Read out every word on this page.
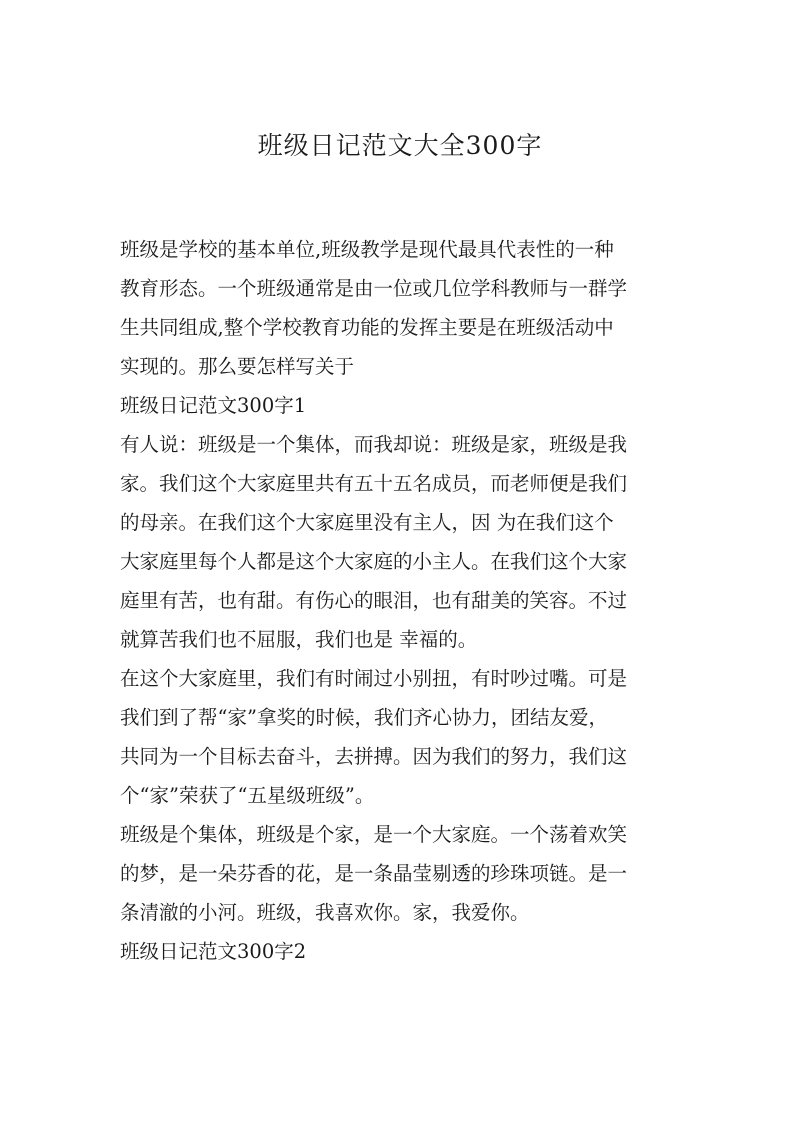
班级日记范文大全300字
班级是学校的基本单位,班级教学是现代最具代表性的一种
教育形态。一个班级通常是由一位或几位学科教师与一群学
生共同组成,整个学校教育功能的发挥主要是在班级活动中
实现的。那么要怎样写关于
班级日记范文300字1
有人说：班级是一个集体，而我却说：班级是家，班级是我
家。我们这个大家庭里共有五十五名成员，而老师便是我们
的母亲。在我们这个大家庭里没有主人，因 为在我们这个
大家庭里每个人都是这个大家庭的小主人。在我们这个大家
庭里有苦，也有甜。有伤心的眼泪，也有甜美的笑容。不过
就算苦我们也不屈服，我们也是 幸福的。
在这个大家庭里，我们有时闹过小别扭，有时吵过嘴。可是
我们到了帮“家”拿奖的时候，我们齐心协力，团结友爱，
共同为一个目标去奋斗，去拼搏。因为我们的努力，我们这
个“家”荣获了“五星级班级”。
班级是个集体，班级是个家，是一个大家庭。一个荡着欢笑
的梦，是一朵芬香的花，是一条晶莹剔透的珍珠项链。是一
条清澈的小河。班级，我喜欢你。家，我爱你。
班级日记范文300字2
